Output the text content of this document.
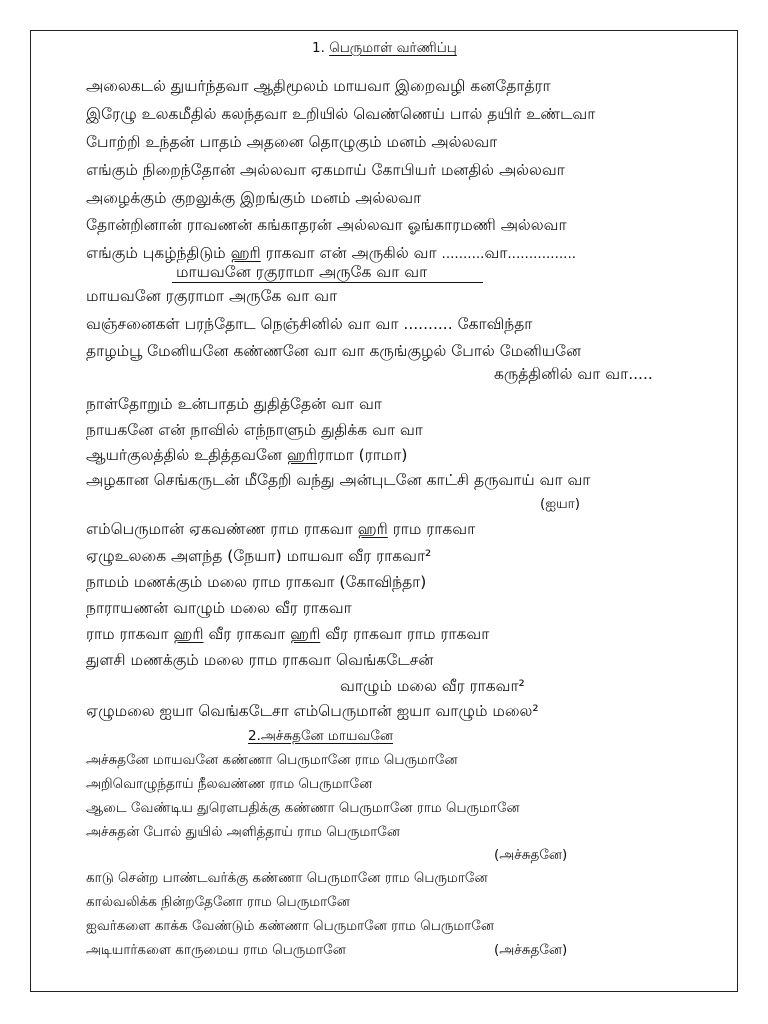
1. பெருமாள் வர்ணிப்பு
அலைகடல் துயர்ந்தவா ஆதிமூலம் மாயவா இறைவழி கனதோத்ரா
இரேழு உலகமீதில் கலந்தவா உறியில் வெண்ணெய் பால் தயிர் உண்டவா
போற்றி உந்தன் பாதம் அதனை தொழுகும் மனம் அல்லவா
எங்கும் நிறைந்தோன் அல்லவா ஏகமாய் கோபியர் மனதில் அல்லவா
அழைக்கும் குறலுக்கு இறங்கும் மனம் அல்லவா
தோன்றினான் ராவணன் கங்காதரன் அல்லவா ஓங்காரமணி அல்லவா
எங்கும் புகழ்ந்திடும் ஹரி ராகவா என் அருகில் வா ..........வா................
மாயவனே ரகுராமா அருகே வா வா
மாயவனே ரகுராமா அருகே வா வா
வஞ்சனைகள் பரந்தோட நெஞ்சினில் வா வா .......... கோவிந்தா
தாழம்பூ மேனியனே கண்ணனே வா வா கருங்குழல் போல் மேனியனே
கருத்தினில் வா வா.....
நாள்தோறும் உன்பாதம் துதித்தேன் வா வா
நாயகனே என் நாவில் எந்நாளும் துதிக்க வா வா
ஆயர்குலத்தில் உதித்தவனே ஹரிராமா (ராமா)
அழகான செங்கருடன் மீதேறி வந்து அன்புடனே காட்சி தருவாய் வா வா
(ஐயா)
எம்பெருமான் ஏகவண்ண ராம ராகவா ஹரி ராம ராகவா
ஏழுஉலகை அளந்த (நேயா) மாயவா வீர ராகவா²
நாமம் மணக்கும் மலை ராம ராகவா (கோவிந்தா)
நாராயணன் வாழும் மலை வீர ராகவா
ராம ராகவா ஹரி வீர ராகவா ஹரி வீர ராகவா ராம ராகவா
துளசி மணக்கும் மலை ராம ராகவா வெங்கடேசன்
வாழும் மலை வீர ராகவா²
ஏழுமலை ஐயா வெங்கடேசா எம்பெருமான் ஐயா வாழும் மலை²
2.அச்சுதனே மாயவனே
அச்சுதனே மாயவனே கண்ணா பெருமானே ராம பெருமானே
அறிவொழுந்தாய் நீலவண்ண ராம பெருமானே
ஆடை வேண்டிய துரௌபதிக்கு கண்ணா பெருமானே ராம பெருமானே
அச்சுதன் போல் துயில் அளித்தாய் ராம பெருமானே
(அச்சுதனே)
காடு சென்ற பாண்டவர்க்கு கண்ணா பெருமானே ராம பெருமானே
கால்வலிக்க நின்றதேனோ ராம பெருமானே
ஐவர்களை காக்க வேண்டும் கண்ணா பெருமானே ராம பெருமானே
அடியார்களை காருமைய ராம பெருமானே	(அச்சுதனே)
